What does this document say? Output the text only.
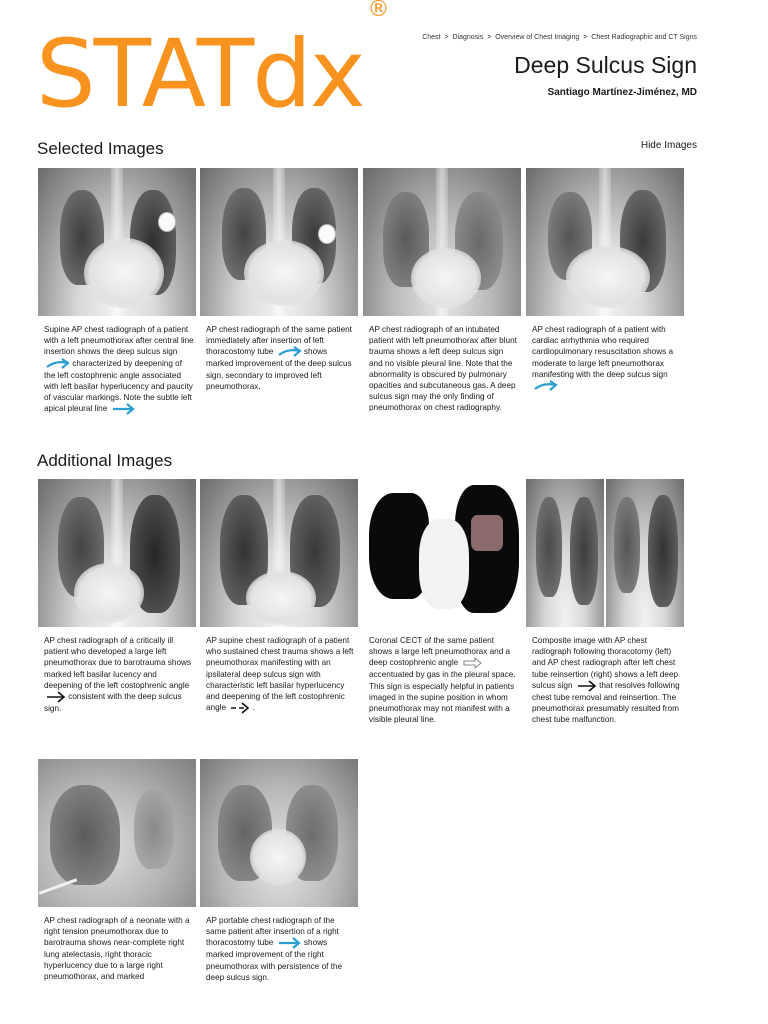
STATdx®
Chest > Diagnosis > Overview of Chest Imaging > Chest Radiographic and CT Signs
Deep Sulcus Sign
Santiago Martínez-Jiménez, MD
Selected Images	Hide Images
Supine AP chest radiograph of a patient with a left pneumothorax after central line insertion shows the deep sulcus sign  characterized by deepening of the left costophrenic angle associated with left basilar hyperlucency and paucity of vascular markings. Note the subtle left apical pleural line
AP chest radiograph of the same patient immediately after insertion of left thoracostomy tube	shows marked improvement of the deep sulcus sign, secondary to improved left pneumothorax.
AP chest radiograph of an intubated patient with left pneumothorax after blunt trauma shows a left deep sulcus sign and no visible pleural line. Note that the abnormality is obscured by pulmonary opacities and subcutaneous gas. A deep sulcus sign may the only finding of pneumothorax on chest radiography.
AP chest radiograph of a patient with cardiac arrhythmia who required cardiopulmonary resuscitation shows a moderate to large left pneumothorax manifesting with the deep sulcus sign
Additional Images
AP chest radiograph of a critically ill patient who developed a large left pneumothorax due to barotrauma shows marked left basilar lucency and deepening of the left costophrenic angle  consistent with the deep sulcus sign.
AP supine chest radiograph of a patient who sustained chest trauma shows a left pneumothorax manifesting with an ipsilateral deep sulcus sign with characteristic left basilar hyperlucency and deepening of the left costophrenic angle	.
Coronal CECT of the same patient shows a large left pneumothorax and a deep costophrenic angle  accentuated by gas in the pleural space. This sign is especially helpful in patients imaged in the supine position in whom pneumothorax may not manifest with a visible pleural line.
Composite image with AP chest radiograph following thoracotomy (left) and AP chest radiograph after left chest tube reinsertion (right) shows a left deep sulcus sign	that resolves following chest tube removal and reinsertion. The pneumothorax presumably resulted from chest tube malfunction.
AP chest radiograph of a neonate with a right tension pneumothorax due to barotrauma shows near-complete right lung atelectasis, right thoracic hyperlucency due to a large right pneumothorax, and marked
AP portable chest radiograph of the same patient after insertion of a right thoracostomy tube	shows marked improvement of the right pneumothorax with persistence of the deep sulcus sign.
